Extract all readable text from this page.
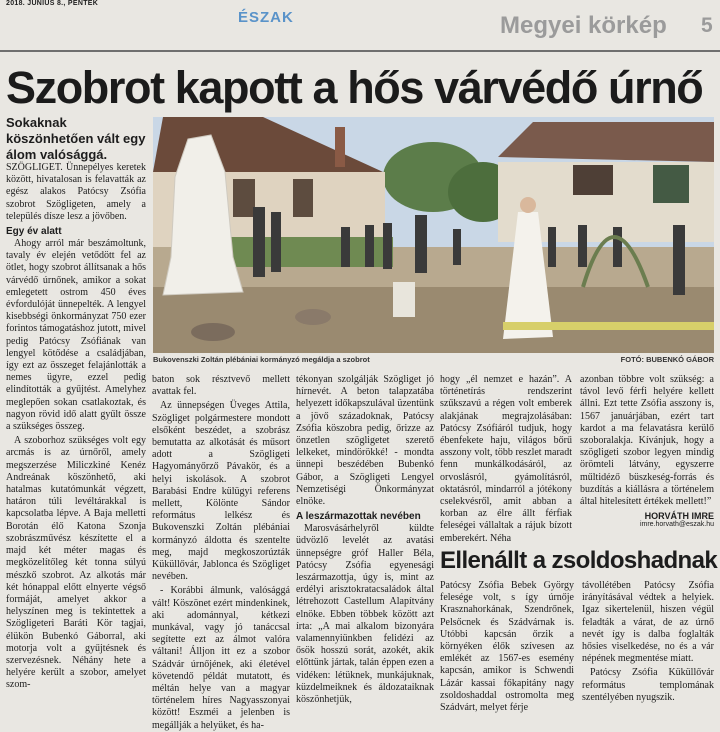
2018. JÚNIUS 8., PÉNTEK
ÉSZAK	Megyei körkép 5
Szobrot kapott a hős várvédő úrnő
Sokaknak köszönhetően vált egy álom valósággá.

SZÖGLIGET. Ünnepélyes keretek között, hivatalosan is felavatták az egész alakos Patócsy Zsófia szobrot Szögligeten, amely a település dísze lesz a jövőben.

Egy év alatt

Ahogy arról már beszámoltunk, tavaly év elején vetődött fel az ötlet, hogy szobrot állítsanak a hős várvédő úrnőnek, amikor a sokat emlegetett ostrom 450 éves évfordulóját ünnepelték. A lengyel kisebbségi önkormányzat 750 ezer forintos támogatáshoz jutott, mivel pedig Patócsy Zsófiának van lengyel kötődése a családjában, így ezt az összeget felajánlották a nemes ügyre, ezzel pedig elindították a gyűjtést. Amelyhez meglepően sokan csatlakoztak, és nagyon rövid idő alatt gyűlt össze a szükséges összeg.

A szoborhoz szükséges volt egy arcmás is az úrnőről, amely megszerzése Miliczkiné Kenéz Andreának köszönhető, aki hatalmas kutatómunkát végzett, határon túli levéltárakkal is kapcsolatba lépve. A Baja melletti Borotán élő Katona Szonja szobrászművész készítette el a majd két méter magas és megközelítőleg két tonna súlyú mészkő szobrot. Az alkotás már két hónappal előtt elnyerte végső formáját, amelyet akkor a helyszínen meg is tekintettek a Szögligeteri Baráti Kör tagjai, élükön Bubenkó Gáborral, aki motorja volt a gyűjtésnek és szervezésnek. Néhány hete a helyére került a szobor, amelyet szom-

Bukovenszki Zoltán plébániai kormányzó megáldja a szobrot	FOTÓ: BUBENKÓ GÁBOR

baton sok résztvevő mellett avattak fel.

Az ünnepségen Üveges Attila, Szögliget polgármestere mondott elsőként beszédet, a szobrász bemutatta az alkotását és műsort adott a Szögligeti Hagyományőrző Pávakör, és a helyi iskolások. A szobrot Barabási Endre külügyi referens mellett, Kölönte Sándor református lelkész és Bukovenszki Zoltán plébániai kormányzó áldotta és szentelte meg, majd megkoszorúzták Küküllővár, Jablonca és Szögliget nevében.

- Korábbi álmunk, valósággá vált! Köszönet ezért mindenkinek, aki adománnyal, kétkezi munkával, vagy jó tanáccsal segítette ezt az álmot valóra váltani! Álljon itt ez a szobor Szádvár úrnőjének, aki életével követendő példát mutatott, és méltán helye van a magyar történelem híres Nagyasszonyai között! Eszméi a jelenben is megállják a helyüket, és ha-

tékonyan szolgálják Szögliget jó hírnevét. A beton talapzatába helyezett időkapszulával üzentünk a jövő századoknak, Patócsy Zsófia köszobra pedig, őrizze az önzetlen szögligetet szerető lelkeket, mindörökké! - mondta ünnepi beszédében Bubenkó Gábor, a Szögligeti Lengyel Nemzetiségi Önkormányzat elnöke.

A leszármazottak nevében

Marosvásárhelyről küldte üdvözlő levelét az avatási ünnepségre gróf Haller Béla, Patócsy Zsófia egyenesági leszármazottja, úgy is, mint az erdélyi arisztokratacsaládok által létrehozott Castellum Alapítvány elnöke. Ebben többek között azt írta: „A mai alkalom bizonyára valamennyiünkben felidézi az ősök hosszú sorát, azokét, akik előttünk jártak, talán éppen ezen a vidéken: létüknek, munkájuknak, küzdelmeiknek és áldozataiknak köszönhetjük,

hogy „él nemzet e hazán”. A történetírás rendszerint szűkszavú a régen volt emberek alakjának megrajzolásában: Patócsy Zsófiáról tudjuk, hogy ébenfekete haju, világos bőrű asszony volt, több reszlet maradt fenn munkálkodásáról, az orvoslásról, gyámolításról, oktatásról, mindarról a jótékony cselekvésről, amit abban a korban az élre állt férfiak feleségei vállaltak a rájuk bízott emberekért. Néha

azonban többre volt szükség: a távol levő férfi helyére kellett állni. Ezt tette Zsófia asszony is, 1567 januárjában, ezért tart kardot a ma felavatásra kerülő szoboralakja. Kívánjuk, hogy a szögligeti szobor legyen mindig örömteli látvány, egyszerre műltidéző büszkeség-forrás és buzdítás a kiállásra a történelem által hitelesített értékek mellett!”

HORVÁTH IMRE
imre.horvath@eszak.hu
Ellenállt a zsoldoshadnak

Patócsy Zsófia Bebek György felesége volt, s így úrnője Krasznahorkának, Szendrőnek, Pelsőcnek és Szádvárnak is. Utóbbi kapcsán őrzik a környéken élők szívesen az emlékét az 1567-es esemény kapcsán, amikor is Schwendi Lázár kassai főkapitány nagy zsoldoshaddal ostromolta meg Szádvárt, melyet férje

távollétében Patócsy Zsófia irányításával védtek a helyiek. Igaz sikertelenül, hiszen végül feladták a várat, de az úrnő nevét így is dalba foglalták hősies viselkedése, no és a vár népének megmentése miatt.

Patócsy Zsófia Küküllővár református templomának szentélyében nyugszik.
